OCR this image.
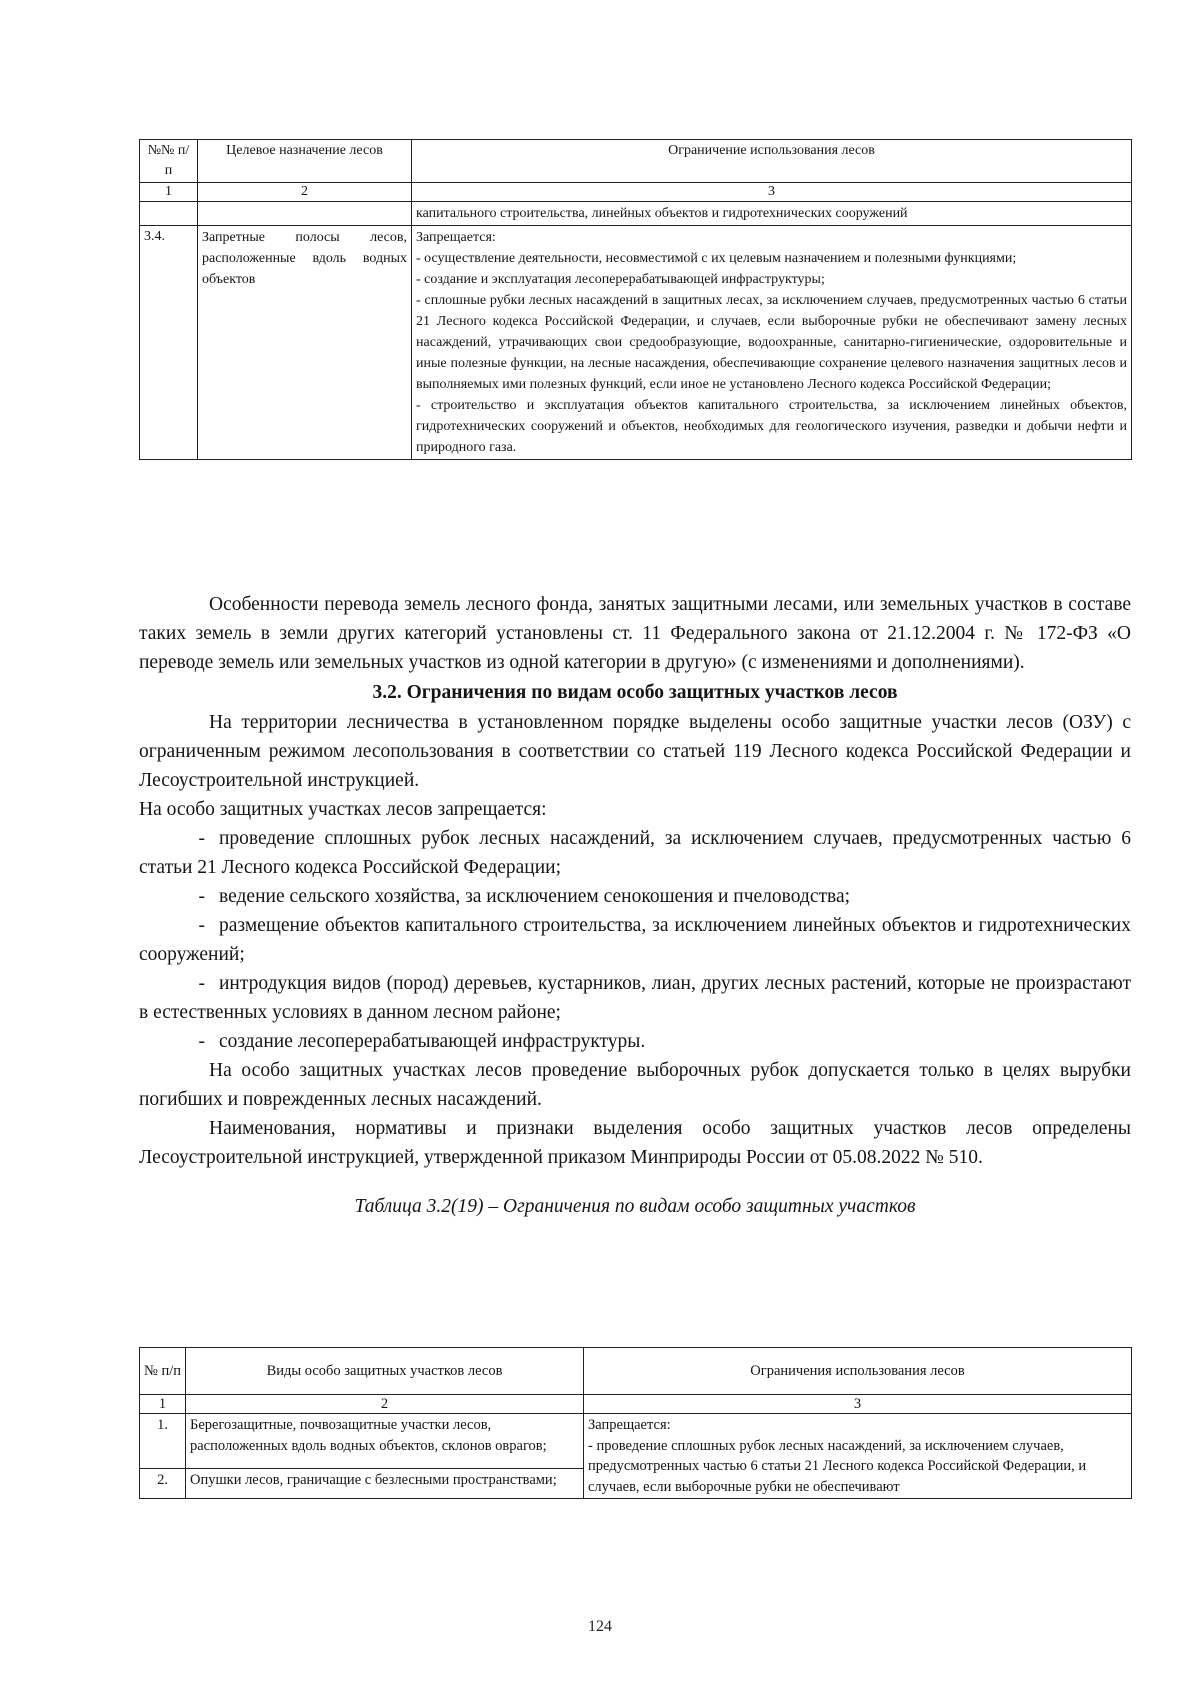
№№ п/п	Целевое назначение лесов	Ограничение использования лесов
1	2	3
		капитального строительства, линейных объектов и гидротехнических сооружений
3.4.	Запретные полосы лесов, расположенные вдоль водных объектов	Запрещается:
- осуществление деятельности, несовместимой с их целевым назначением и полезными функциями;
- создание и эксплуатация лесоперерабатывающей инфраструктуры;
- сплошные рубки лесных насаждений в защитных лесах, за исключением случаев, предусмотренных частью 6 статьи 21 Лесного кодекса Российской Федерации, и случаев, если выборочные рубки не обеспечивают замену лесных насаждений, утрачивающих свои средообразующие, водоохранные, санитарно-гигиенические, оздоровительные и иные полезные функции, на лесные насаждения, обеспечивающие сохранение целевого назначения защитных лесов и выполняемых ими полезных функций, если иное не установлено Лесного кодекса Российской Федерации;
- строительство и эксплуатация объектов капитального строительства, за исключением линейных объектов, гидротехнических сооружений и объектов, необходимых для геологического изучения, разведки и добычи нефти и природного газа.

Особенности перевода земель лесного фонда, занятых защитными лесами, или земельных участков в составе таких земель в земли других категорий установлены ст. 11 Федерального закона от 21.12.2004 г. № 172-ФЗ «О переводе земель или земельных участков из одной категории в другую» (с изменениями и дополнениями).

3.2. Ограничения по видам особо защитных участков лесов

На территории лесничества в установленном порядке выделены особо защитные участки лесов (ОЗУ) с ограниченным режимом лесопользования в соответствии со статьей 119 Лесного кодекса Российской Федерации и Лесоустроительной инструкцией.

На особо защитных участках лесов запрещается:

- проведение сплошных рубок лесных насаждений, за исключением случаев, предусмотренных частью 6 статьи 21 Лесного кодекса Российской Федерации;

- ведение сельского хозяйства, за исключением сенокошения и пчеловодства;

- размещение объектов капитального строительства, за исключением линейных объектов и гидротехнических сооружений;

- интродукция видов (пород) деревьев, кустарников, лиан, других лесных растений, которые не произрастают в естественных условиях в данном лесном районе;

- создание лесоперерабатывающей инфраструктуры.

На особо защитных участках лесов проведение выборочных рубок допускается только в целях вырубки погибших и поврежденных лесных насаждений.

Наименования, нормативы и признаки выделения особо защитных участков лесов определены Лесоустроительной инструкцией, утвержденной приказом Минприроды России от 05.08.2022 № 510.

Таблица 3.2(19) – Ограничения по видам особо защитных участков

№ п/п	Виды особо защитных участков лесов	Ограничения использования лесов
1	2	3
1.	Берегозащитные, почвозащитные участки лесов, расположенных вдоль водных объектов, склонов оврагов;	Запрещается:
- проведение сплошных рубок лесных насаждений, за исключением случаев, предусмотренных частью 6 статьи 21 Лесного кодекса Российской Федерации, и случаев, если выборочные рубки не обеспечивают
2.	Опушки лесов, граничащие с безлесными пространствами;	
124
